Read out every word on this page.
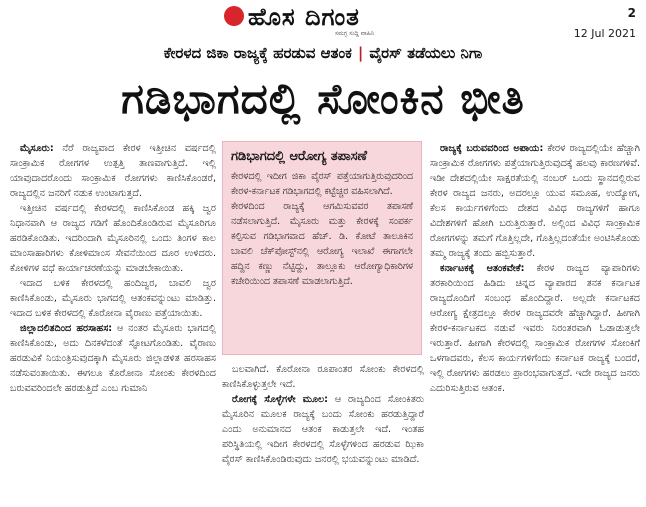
ಹೊಸ ದಿಗಂತ
ಸಮಗ್ರ ಸುದ್ದಿ ವಾಹಿನಿ
2
12 Jul 2021
ಕೇರಳದ ಜಿಕಾ ರಾಜ್ಯಕ್ಕೆ ಹರಡುವ ಆತಂಕ | ವೈರಸ್ ತಡೆಯಲು ನಿಗಾ
ಗಡಿಭಾಗದಲ್ಲಿ ಸೋಂಕಿನ ಭೀತಿ

ಮೈಸೂರು: ನೆರೆ ರಾಜ್ಯವಾದ ಕೇರಳ ಇತ್ತೀಚಿನ ವರ್ಷದಲ್ಲಿ ಸಾಂಕ್ರಾಮಿಕ ರೋಗಗಳ ಉತ್ಪತ್ತಿ ತಾಣವಾಗುತ್ತಿದೆ. ಇಲ್ಲಿ ಯಾವುದಾದರೊಂದು ಸಾಂಕ್ರಾಮಿಕ ರೋಗಗಳು ಕಾಣಿಸಿಕೊಂಡರೆ, ರಾಜ್ಯದಲ್ಲಿನ ಜನರಿಗೆ ನಡುಕ ಉಂಟಾಗುತ್ತದೆ.

ಇತ್ತೀಚಿನ ವರ್ಷದಲ್ಲಿ ಕೇರಳದಲ್ಲಿ ಕಾಣಿಸಿಕೊಂಡ ಹಕ್ಕಿ ಜ್ವರ ನಿಧಾನವಾಗಿ ಆ ರಾಜ್ಯದ ಗಡಿಗೆ ಹೊಂದಿಕೊಂಡಿರುವ ಮೈಸೂರಿಗೂ ಹರಡಿಕೊಂಡಿತು. ಇದರಿಂದಾಗಿ ಮೈಸೂರಿನಲ್ಲಿ ಒಂದು ತಿಂಗಳ ಕಾಲ ಮಾಂಸಾಹಾರಿಗಳು ಕೋಳಿಮಾಂಸ ಸೇವನೆಯಿಂದ ದೂರ ಉಳಿದರು. ಕೋಳಿಗಳ ವಧೆ ಕಾರ್ಯಾಚರಣೆಯನ್ನು ಮಾಡಬೇಕಾಯಿತು.

ಇದಾದ ಬಳಿಕ ಕೇರಳದಲ್ಲಿ ಹಂದಿಜ್ವರ, ಬಾವಲಿ ಜ್ವರ ಕಾಣಿಸಿಕೊಂಡು, ಮೈಸೂರು ಭಾಗದಲ್ಲಿ ಆತಂಕವನ್ನುಂಟು ಮಾಡಿತ್ತು. ಇದಾದ ಬಳಿಕ ಕೇರಳದಲ್ಲಿ ಕೊರೋನಾ ವೈರಾಣು ಪತ್ತೆಯಾಯಿತು.

ಜಿಲ್ಲಾದಲಿತದಿಂದ ಹರಸಾಹಸ: ಆ ನಂತರ ಮೈಸೂರು ಭಾಗದಲ್ಲಿ ಕಾಣಿಸಿಕೊಂಡು, ಅದು ದಿನಕಳೆದಂತೆ ಸ್ಫೋಟಗೊಂಡಿತು. ವೈರಾಣು ಹರಡುವಿಕೆ ನಿಯಂತ್ರಿಸುವುದಕ್ಕಾಗಿ ಮೈಸೂರು ಜಿಲ್ಲಾಡಳಿತ ಹರಸಾಹಸ ನಡೆಸುವಂತಾಯಿತು. ಈಗಲೂ ಕೊರೋನಾ ಸೋಂಕು ಕೇರಳದಿಂದ ಬರುವವರಿಂದಲೇ ಹರಡುತ್ತಿದೆ ಎಂಬ ಗುಮಾನಿ

ಗಡಿಭಾಗದಲ್ಲಿ ಆರೋಗ್ಯ ತಪಾಸಣೆ

ಕೇರಳದಲ್ಲಿ ಇದೀಗ ಜಿಕಾ ವೈರಸ್ ಪತ್ತೆಯಾಗುತ್ತಿರುವುದರಿಂದ ಕೇರಳ-ಕರ್ನಾಟಕ ಗಡಿಭಾಗದಲ್ಲಿ ಕಟ್ಟೆಚ್ಚರ ವಹಿಸಲಾಗಿದೆ.

ಕೇರಳದಿಂದ ರಾಜ್ಯಕ್ಕೆ ಆಗಮಿಸುವವರ ತಪಾಸಣೆ ನಡೆಸಲಾಗುತ್ತಿದೆ. ಮೈಸೂರು ಮತ್ತು ಕೇರಳಕ್ಕೆ ಸಂಪರ್ಕ ಕಲ್ಪಿಸುವ ಗಡಿಭಾಗವಾದ ಹೆಚ್. ಡಿ. ಕೋಟೆ ತಾಲೂಕಿನ ಬಾವಲಿ ಚೆಕ್‌ಪೋಸ್ಟ್‌ನಲ್ಲಿ ಆರೋಗ್ಯ ಇಲಾಖೆ ಈಗಾಗಲೇ ಹದ್ದಿನ ಕಣ್ಣು ನೆಟ್ಟಿದ್ದು, ತಾಲ್ಲೂಕು ಆರೋಗ್ಯಾಧಿಕಾರಿಗಳ ಕಚೇರಿಯಿಂದ ತಪಾಸಣೆ ಮಾಡಲಾಗುತ್ತಿದೆ.

ಬಲವಾಗಿದೆ. ಕೊರೋನಾ ರೂಪಾಂತರ ಸೋಂಕು ಕೇರಳದಲ್ಲಿ ಕಾಣಿಸಿಕೊಳ್ಳುತ್ತಲೇ ಇದೆ.

ರೋಗಕ್ಕೆ ಸೊಳ್ಳೆಗಳೇ ಮೂಲ: ಆ ರಾಜ್ಯದಿಂದ ಸೋಂಕಿತರು ಮೈಸೂರಿನ ಮೂಲಕ ರಾಜ್ಯಕ್ಕೆ ಬಂದು ಸೋಂಕು ಹರಡುತ್ತಿದ್ದಾರೆ ಎಂದು ಅನುಮಾನದ ಆತಂಕ ಕಾಡುತ್ತಲೇ ಇದೆ. ಇಂತಹ ಪರಿಸ್ಥಿತಿಯಲ್ಲಿ ಇದೀಗ ಕೇರಳದಲ್ಲಿ ಸೊಳ್ಳೆಗಳಿಂದ ಹರಡುವ ಝಿಕಾ ವೈರಸ್ ಕಾಣಿಸಿಕೊಂಡಿರುವುದು ಜನರಲ್ಲಿ ಭಯವನ್ನುಂಟು ಮಾಡಿದೆ.

ರಾಜ್ಯಕ್ಕೆ ಬರುವವರಿಂದ ಅಪಾಯ: ಕೇರಳ ರಾಜ್ಯದಲ್ಲಿಯೇ ಹೆಚ್ಚಾಗಿ ಸಾಂಕ್ರಾಮಿಕ ರೋಗಗಳು ಪತ್ತೆಯಾಗುತ್ತಿರುವುದಕ್ಕೆ ಹಲವು ಕಾರಣಗಳಿವೆ. ಇಡೀ ದೇಶದಲ್ಲಿಯೇ ಸಾಕ್ಷರತೆಯಲ್ಲಿ ನಂಬರ್ ಒಂದು ಸ್ಥಾನದಲ್ಲಿರುವ ಕೇರಳ ರಾಜ್ಯದ ಜನರು, ಅದರಲ್ಲೂ ಯುವ ಸಮೂಹ, ಉದ್ಯೋಗ, ಕೆಲಸ ಕಾರ್ಯಗಳಿಗೆಂದು ದೇಶದ ವಿವಿಧ ರಾಜ್ಯಗಳಿಗೆ ಹಾಗೂ ವಿದೇಶಗಳಿಗೆ ಹೋಗಿ ಬರುತ್ತಿರುತ್ತಾರೆ. ಅಲ್ಲಿಂದ ವಿವಿಧ ಸಾಂಕ್ರಾಮಿಕ ರೋಗಗಳನ್ನು ತಮಗೆ ಗೊತ್ತಿಲ್ಲದೇ, ಗೊತ್ತಿಲ್ಲದಂತೆಯೇ ಅಂಟಿಸಿಕೊಂಡು ತಮ್ಮ ರಾಜ್ಯಕ್ಕೆ ತಂದು ಹಬ್ಬಿಸುತ್ತಾರೆ.

ಕರ್ನಾಟಕಕ್ಕೆ ಆತಂಕವೇಕೆ: ಕೇರಳ ರಾಜ್ಯದ ವ್ಯಾಪಾರಿಗಳು ತರಕಾರಿಯಿಂದ ಹಿಡಿದು ಚಿನ್ನದ ವ್ಯಾಪಾರದ ತನಕ ಕರ್ನಾಟಕ ರಾಜ್ಯದೊಂದಿಗೆ ಸಂಬಂಧ ಹೊಂದಿದ್ದಾರೆ. ಅಲ್ಲದೇ ಕರ್ನಾಟಕದ ಆರೋಗ್ಯ ಕ್ಷೇತ್ರದಲ್ಲೂ ಕೇರಳ ರಾಜ್ಯದವರೇ ಹೆಚ್ಚಾಗಿದ್ದಾರೆ. ಹೀಗಾಗಿ ಕೇರಳ-ಕರ್ನಾಟಕದ ನಡುವೆ ಇವರು ನಿರಂತರವಾಗಿ ಓಡಾಡುತ್ತಲೇ ಇರುತ್ತಾರೆ. ಹೀಗಾಗಿ ಕೇರಳದಲ್ಲಿ ಸಾಂಕ್ರಾಮಿಕ ರೋಗಗಳ ಸೋಂಕಿಗೆ ಒಳಗಾದವರು, ಕೆಲಸ ಕಾರ್ಯಗಳಿಗೆಂದು ಕರ್ನಾಟಕ ರಾಜ್ಯಕ್ಕೆ ಬಂದರೆ, ಇಲ್ಲಿ ರೋಗಗಳು ಹರಡಲು ಪ್ರಾರಂಭವಾಗುತ್ತದೆ. ಇದೇ ರಾಜ್ಯದ ಜನರು ಎದುರಿಸುತ್ತಿರುವ ಆತಂಕ.
